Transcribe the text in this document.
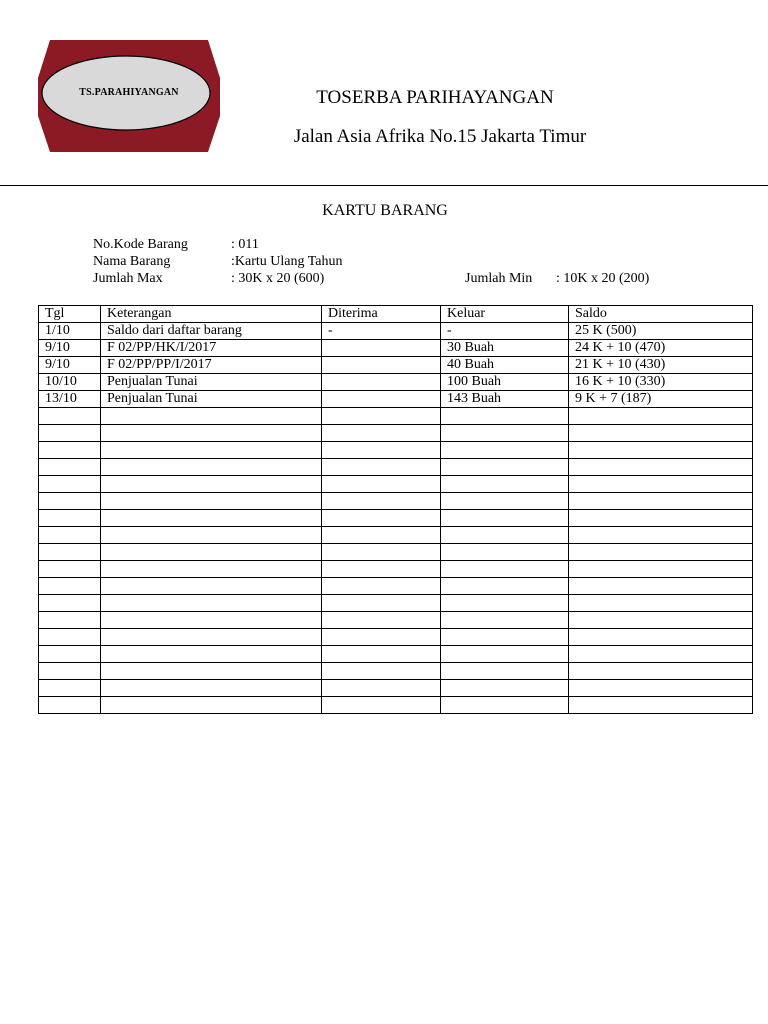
TS.PARAHIYANGAN	TOSERBA PARIHAYANGAN
Jalan Asia Afrika No.15 Jakarta Timur
KARTU BARANG
No.Kode Barang	: 011
Nama Barang	:Kartu Ulang Tahun
Jumlah Max	: 30K x 20 (600)	Jumlah Min : 10K x 20 (200)
Tgl	Keterangan	Diterima	Keluar	Saldo
1/10	Saldo dari daftar barang	-	-	25 K (500)
9/10	F 02/PP/HK/I/2017		30 Buah	24 K + 10 (470)
9/10	F 02/PP/PP/I/2017		40 Buah	21 K + 10 (430)
10/10	Penjualan Tunai		100 Buah	16 K + 10 (330)
13/10	Penjualan Tunai		143 Buah	9 K + 7 (187)
